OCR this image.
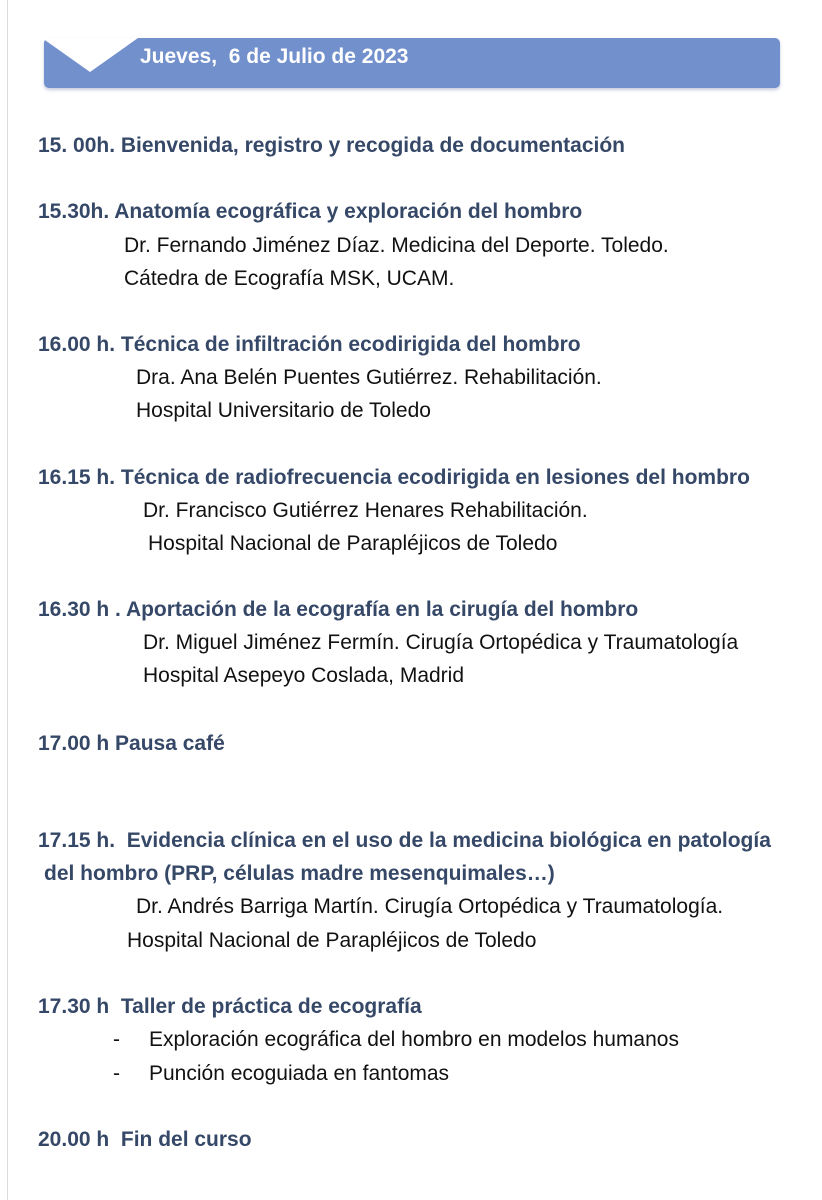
Jueves,  6 de Julio de 2023
15. 00h. Bienvenida, registro y recogida de documentación
15.30h. Anatomía ecográfica y exploración del hombro
Dr. Fernando Jiménez Díaz. Medicina del Deporte. Toledo.
Cátedra de Ecografía MSK, UCAM.
16.00 h. Técnica de infiltración ecodirigida del hombro
Dra. Ana Belén Puentes Gutiérrez. Rehabilitación.
Hospital Universitario de Toledo
16.15 h. Técnica de radiofrecuencia ecodirigida en lesiones del hombro
Dr. Francisco Gutiérrez Henares Rehabilitación.
Hospital Nacional de Parapléjicos de Toledo
16.30 h . Aportación de la ecografía en la cirugía del hombro
Dr. Miguel Jiménez Fermín. Cirugía Ortopédica y Traumatología
Hospital Asepeyo Coslada, Madrid
17.00 h Pausa café
17.15 h.  Evidencia clínica en el uso de la medicina biológica en patología
del hombro (PRP, células madre mesenquimales…)
Dr. Andrés Barriga Martín. Cirugía Ortopédica y Traumatología.
Hospital Nacional de Parapléjicos de Toledo
17.30 h  Taller de práctica de ecografía
- Exploración ecográfica del hombro en modelos humanos
- Punción ecoguiada en fantomas
20.00 h  Fin del curso
